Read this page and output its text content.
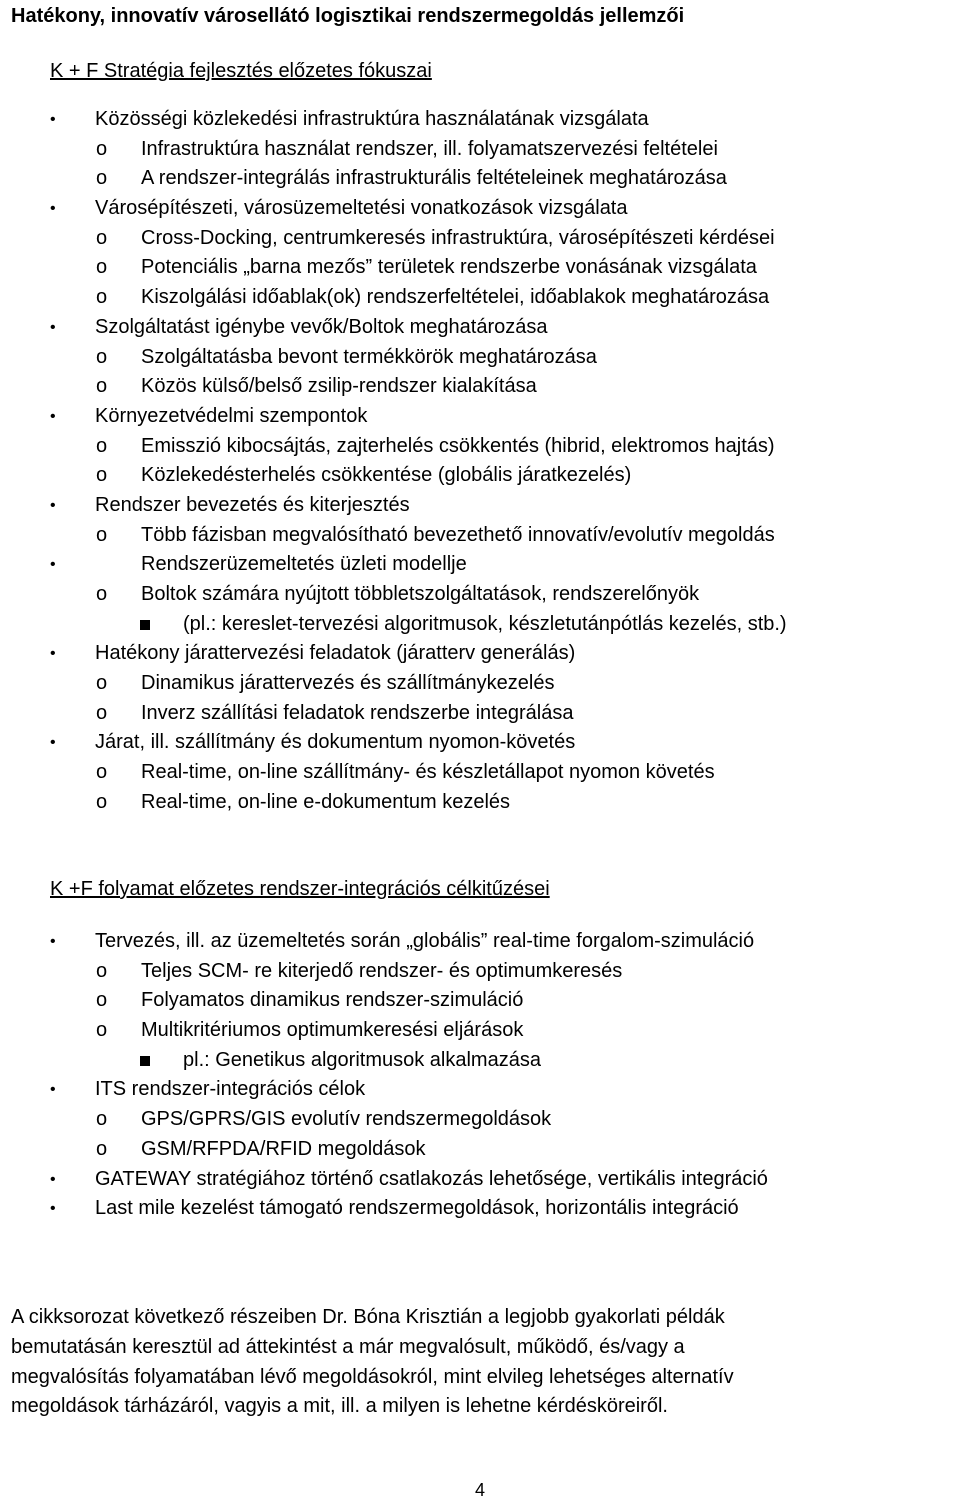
Hatékony, innovatív városellátó logisztikai rendszermegoldás jellemzői
K + F Stratégia fejlesztés előzetes fókuszai
• Közösségi közlekedési infrastruktúra használatának vizsgálata
o Infrastruktúra használat rendszer, ill. folyamatszervezési feltételei
o A rendszer-integrálás infrastrukturális feltételeinek meghatározása
• Városépítészeti, városüzemeltetési vonatkozások vizsgálata
o Cross-Docking, centrumkeresés infrastruktúra, városépítészeti kérdései
o Potenciális „barna mezős” területek rendszerbe vonásának vizsgálata
o Kiszolgálási időablak(ok) rendszerfeltételei, időablakok meghatározása
• Szolgáltatást igénybe vevők/Boltok meghatározása
o Szolgáltatásba bevont termékkörök meghatározása
o Közös külső/belső zsilip-rendszer kialakítása
• Környezetvédelmi szempontok
o Emisszió kibocsájtás, zajterhelés csökkentés (hibrid, elektromos hajtás)
o Közlekedésterhelés csökkentése (globális járatkezelés)
• Rendszer bevezetés és kiterjesztés
o Több fázisban megvalósítható bevezethető innovatív/evolutív megoldás
•	Rendszerüzemeltetés üzleti modellje
o Boltok számára nyújtott többletszolgáltatások, rendszerelőnyök
(pl.: kereslet-tervezési algoritmusok, készletutánpótlás kezelés, stb.)
• Hatékony járattervezési feladatok (járatterv generálás)
o Dinamikus járattervezés és szállítmánykezelés
o Inverz szállítási feladatok rendszerbe integrálása
• Járat, ill. szállítmány és dokumentum nyomon-követés
o Real-time, on-line szállítmány- és készletállapot nyomon követés
o Real-time, on-line e-dokumentum kezelés
K +F folyamat előzetes rendszer-integrációs célkitűzései
• Tervezés, ill. az üzemeltetés során „globális” real-time forgalom-szimuláció
o Teljes SCM- re kiterjedő rendszer- és optimumkeresés
o Folyamatos dinamikus rendszer-szimuláció
o Multikritériumos optimumkeresési eljárások
pl.: Genetikus algoritmusok alkalmazása
• ITS rendszer-integrációs célok
o GPS/GPRS/GIS evolutív rendszermegoldások
o GSM/RFPDA/RFID megoldások
• GATEWAY stratégiához történő csatlakozás lehetősége, vertikális integráció
• Last mile kezelést támogató rendszermegoldások, horizontális integráció
A cikksorozat következő részeiben Dr. Bóna Krisztián a legjobb gyakorlati példák
bemutatásán keresztül ad áttekintést a már megvalósult, működő, és/vagy a
megvalósítás folyamatában lévő megoldásokról, mint elvileg lehetséges alternatív
megoldások tárházáról, vagyis a mit, ill. a milyen is lehetne kérdésköreiről.
4
